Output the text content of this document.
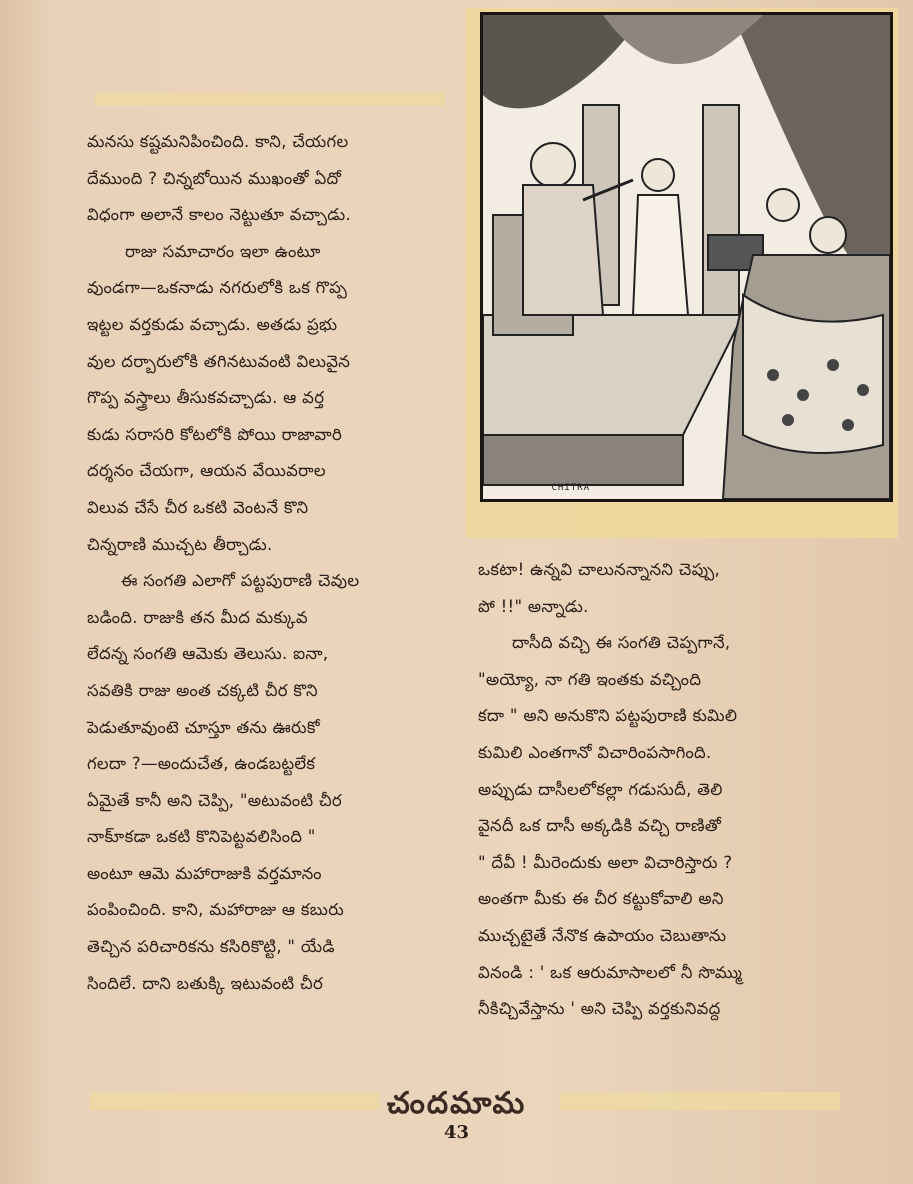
CHITRA
మనసు కష్టమనిపించింది. కాని, చేయగల
దేముంది ? చిన్నబోయిన ముఖంతో ఏదో
విధంగా అలానే కాలం నెట్టుతూ వచ్చాడు.
రాజు సమాచారం ఇలా ఉంటూ
వుండగా—ఒకనాడు నగరులోకి ఒక గొప్ప
ఇట్టల వర్తకుడు వచ్చాడు. అతడు ప్రభు
వుల దర్బారులోకి తగినటువంటి విలువైన
గొప్ప వస్త్రాలు తీసుకవచ్చాడు. ఆ వర్త
కుడు సరాసరి కోటలోకి పోయి రాజావారి
దర్శనం చేయగా, ఆయన వేయివరాల
విలువ చేసే చీర ఒకటి వెంటనే కొని
చిన్నరాణి ముచ్చట తీర్చాడు.
ఈ సంగతి ఎలాగో పట్టపురాణి చెవుల
బడింది. రాజుకి తన మీద మక్కువ
లేదన్న సంగతి ఆమెకు తెలుసు. ఐనా,
సవతికి రాజు అంత చక్కటి చీర కొని
పెడుతూవుంటె చూస్తూ తను ఊరుకో
గలదా ?—అందుచేత, ఉండబట్టలేక
ఏమైతే కానీ అని చెప్పి, "అటువంటి చీర
నాకూ్కడా ఒకటి కొనిపెట్టవలిసింది "
అంటూ ఆమె మహారాజుకి వర్తమానం
పంపించింది. కాని, మహారాజు ఆ కబురు
తెచ్చిన పరిచారికను కసిరికొట్టి, " యేడి
సిందిలే. దాని బతుక్కి ఇటువంటి చీర
ఒకటా! ఉన్నవి చాలునన్నానని చెప్పు,
పో !!" అన్నాడు.
దాసీది వచ్చి ఈ సంగతి చెప్పగానే,
"అయ్యో, నా గతి ఇంతకు వచ్చింది
కదా " అని అనుకొని పట్టపురాణి కుమిలి
కుమిలి ఎంతగానో విచారింపసాగింది.
అప్పుడు దాసీలలోకల్లా గడుసుదీ, తెలి
వైనదీ ఒక దాసీ అక్కడికి వచ్చి రాణితో
" దేవీ ! మీరెందుకు అలా విచారిస్తారు ?
అంతగా మీకు ఈ చీర కట్టుకోవాలి అని
ముచ్చటైతే నేనొక ఉపాయం చెబుతాను
వినండి : ' ఒక ఆరుమాసాలలో నీ సొమ్ము
నీకిచ్చివేస్తాను ' అని చెప్పి వర్తకునివద్ద
చందమామ
43
